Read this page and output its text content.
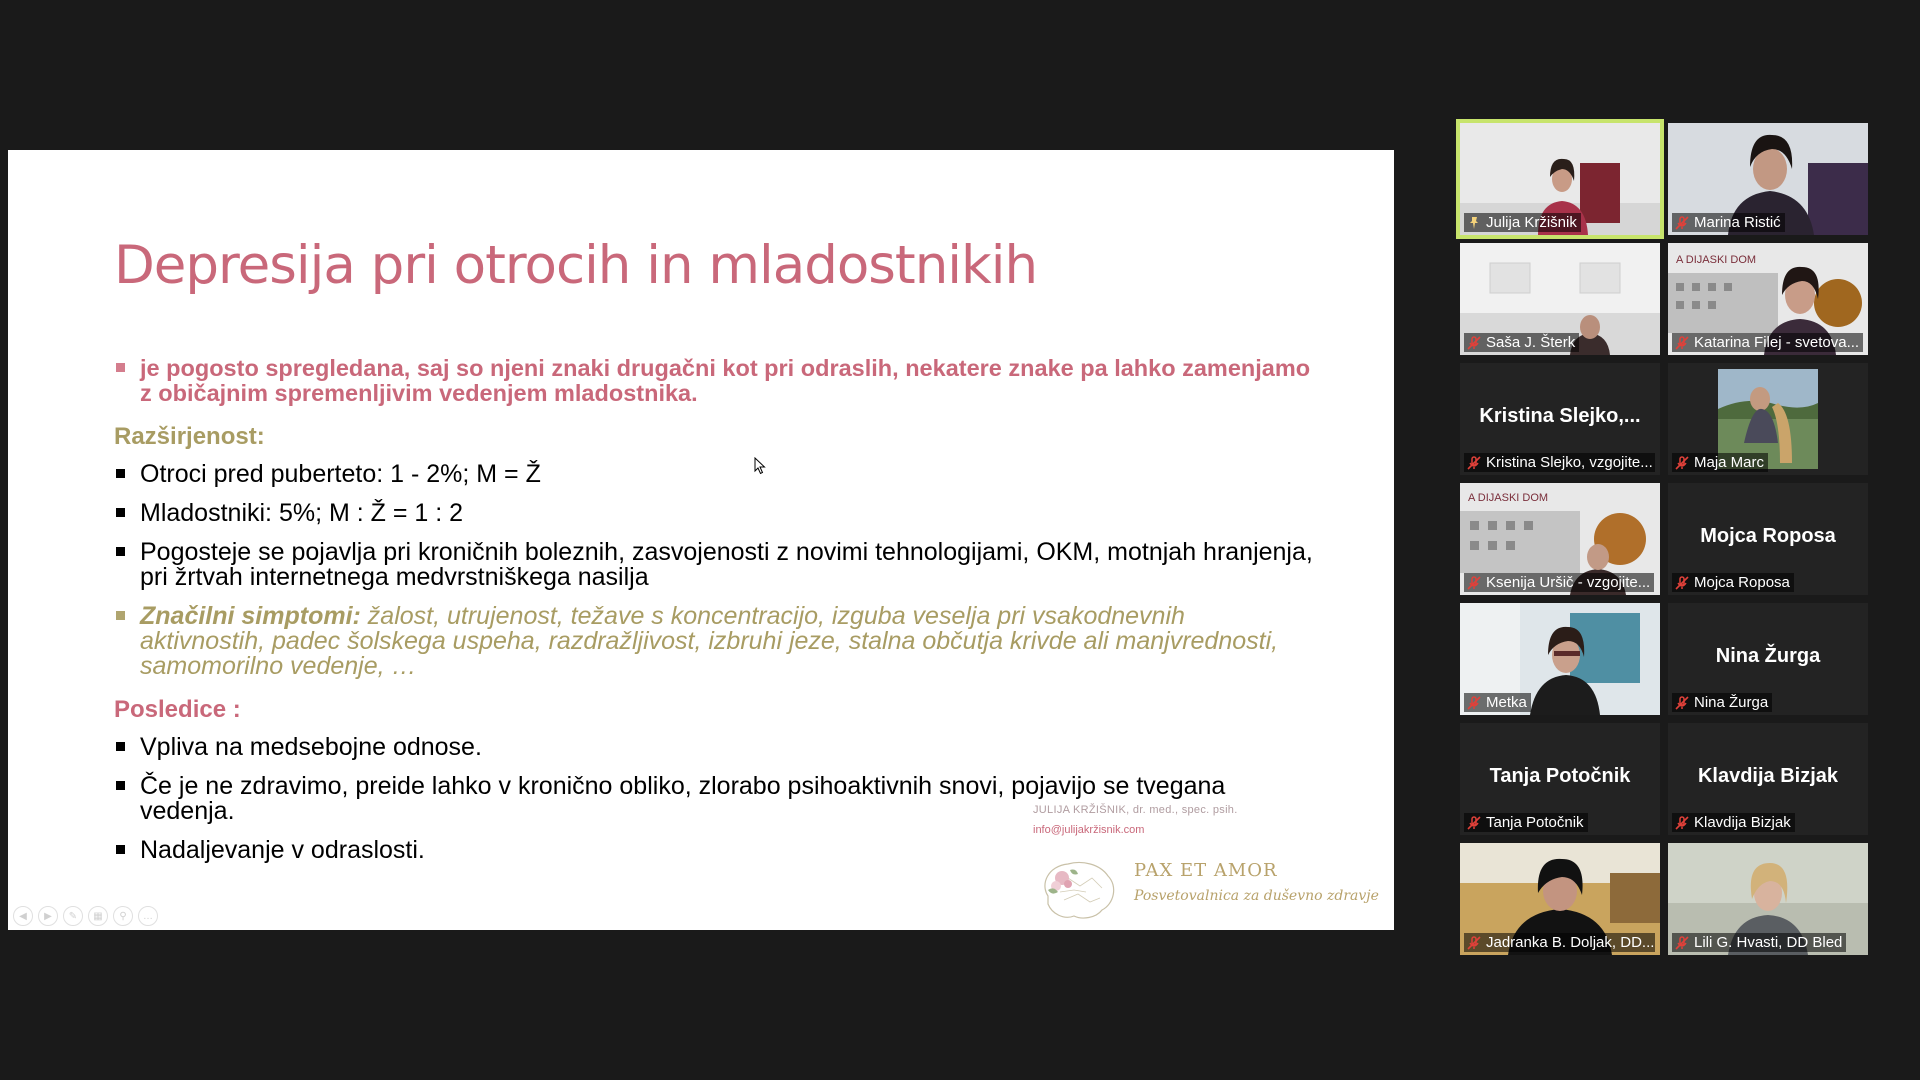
Depresija pri otrocih in mladostnikih
je pogosto spregledana, saj so njeni znaki drugačni kot pri odraslih, nekatere znake pa lahko zamenjamo z običajnim spremenljivim vedenjem mladostnika.
Razširjenost:
Otroci pred puberteto: 1 - 2%; M = Ž
Mladostniki: 5%; M : Ž = 1 : 2
Pogosteje se pojavlja pri kroničnih boleznih, zasvojenosti z novimi tehnologijami, OKM, motnjah hranjenja, pri žrtvah internetnega medvrstniškega nasilja
Značilni simptomi: žalost, utrujenost, težave s koncentracijo, izguba veselja pri vsakodnevnih aktivnostih, padec šolskega uspeha, razdražljivost, izbruhi jeze, stalna občutja krivde ali manjvrednosti, samomorilno vedenje, …
Posledice :
Vpliva na medsebojne odnose.
Če je ne zdravimo, preide lahko v kronično obliko, zlorabo psihoaktivnih snovi, pojavijo se tvegana vedenja.
Nadaljevanje v odraslosti.
JULIJA KRŽIŠNIK, dr. med., spec. psih.
info@julijakržisnik.com
PAX ET AMOR
Posvetovalnica za duševno zdravje
◀	▶	✎	▦	⚲	…
Julija Kržišnik	Marina Ristić
Saša J. Šterk
A DIJASKI DOM
Katarina Filej - svetova...
Kristina Slejko,...
Kristina Slejko, vzgojite...	Maja Marc
A DIJASKI DOM
Ksenija Uršič - vzgojite...
Mojca Roposa
Mojca Roposa
Metka
Nina Žurga
Nina Žurga
Tanja Potočnik
Tanja Potočnik
Klavdija Bizjak
Klavdija Bizjak
Jadranka B. Doljak, DD...	Lili G. Hvasti, DD Bled
